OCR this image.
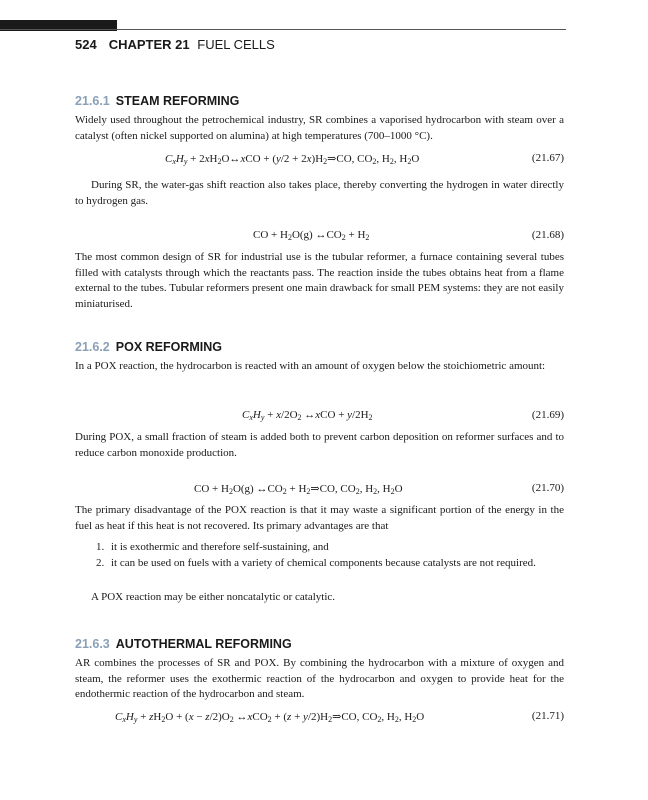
524 CHAPTER 21 FUEL CELLS
21.6.1 STEAM REFORMING

Widely used throughout the petrochemical industry, SR combines a vaporised hydrocarbon with steam over a catalyst (often nickel supported on alumina) at high temperatures (700–1000 °C).

$C_xH_y$ + $2xH_2O\leftrightarrow xCO + (y/2$ + $2x)H_2\Rightarrow CO$, $CO_2$, $H_2$, $H_2O$	(21.67)

During SR, the water-gas shift reaction also takes place, thereby converting the hydrogen in water directly to hydrogen gas.

CO + $H_2O(g)$ $\leftrightarrow CO_2 + H_2$	(21.68)

The most common design of SR for industrial use is the tubular reformer, a furnace containing several tubes filled with catalysts through which the reactants pass. The reaction inside the tubes obtains heat from a flame external to the tubes. Tubular reformers present one main drawback for small PEM systems: they are not easily miniaturised.

21.6.2 POX REFORMING

In a POX reaction, the hydrocarbon is reacted with an amount of oxygen below the stoichiometric amount:

$C_xH_y + x/2O_2$ ↔xCO + $y/2H_2$	(21.69)

During POX, a small fraction of steam is added both to prevent carbon deposition on reformer surfaces and to reduce carbon monoxide production.

CO + $H_2O(g)$ $\leftrightarrow CO_2$ + $H_2\Rightarrow CO$, $CO_2$, $H_2$, $H_2O$	(21.70)

The primary disadvantage of the POX reaction is that it may waste a significant portion of the energy in the fuel as heat if this heat is not recovered. Its primary advantages are that

1. it is exothermic and therefore self-sustaining, and
2. it can be used on fuels with a variety of chemical components because catalysts are not required.

A POX reaction may be either noncatalytic or catalytic.

21.6.3 AUTOTHERMAL REFORMING

AR combines the processes of SR and POX. By combining the hydrocarbon with a mixture of oxygen and steam, the reformer uses the exothermic reaction of the hydrocarbon and oxygen to provide heat for the endothermic reaction of the hydrocarbon and steam.

$C_xH_y + zH_2O + (x - z/2)O_2$ ↔xCO$_2$ + $(z + y/2)H_2\Rightarrow CO$, $CO_2$, $H_2$, $H_2O$	(21.71)
